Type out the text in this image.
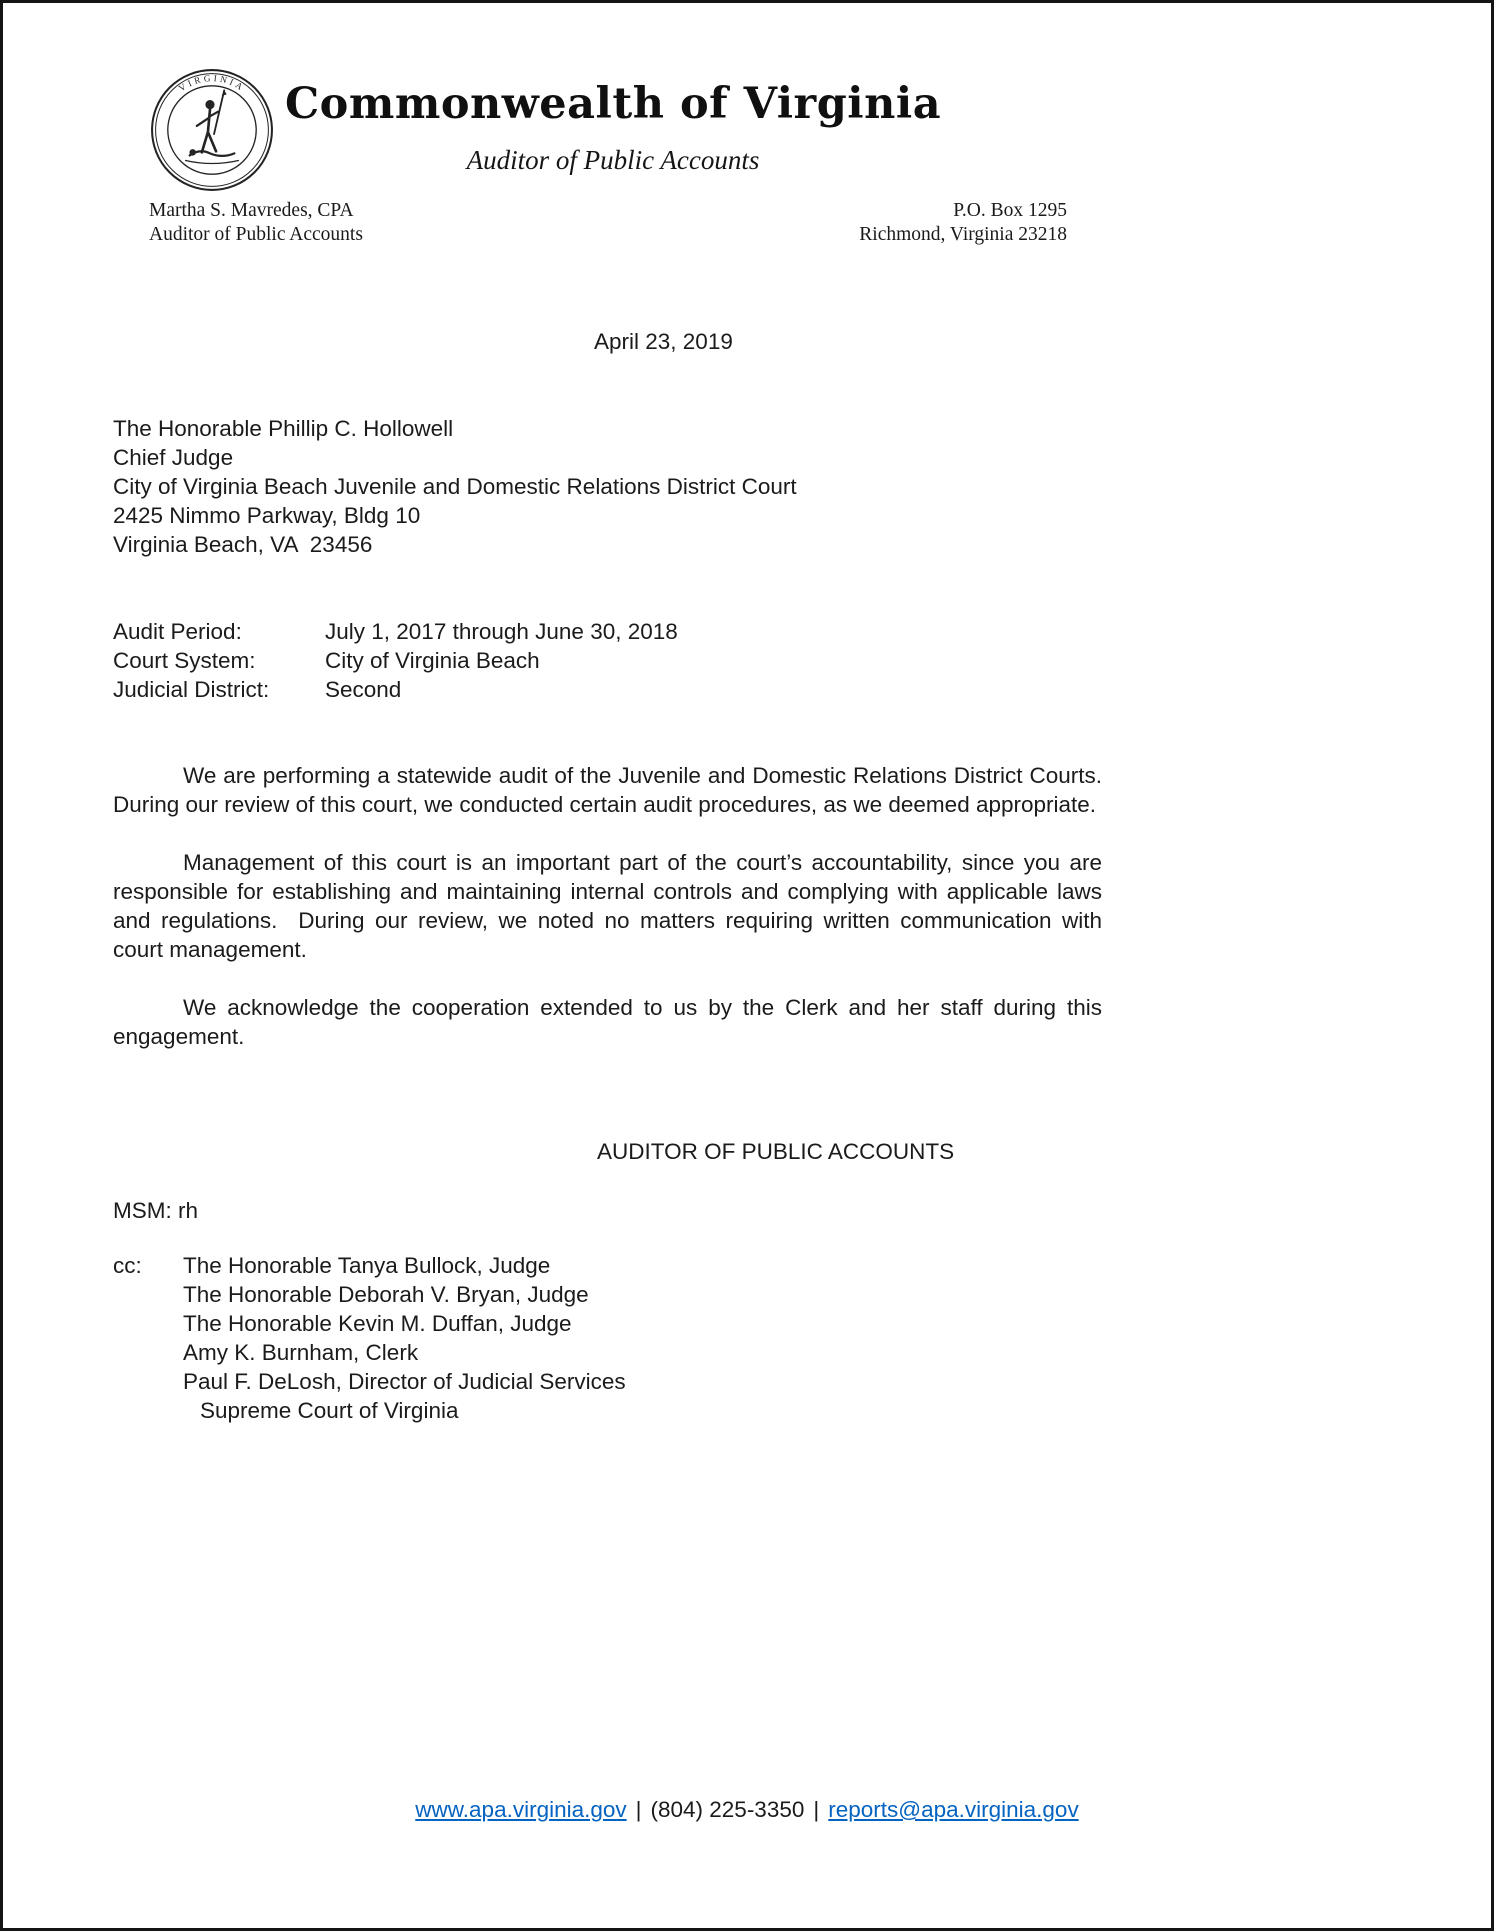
VIRGINIA Commonwealth of Virginia
Auditor of Public Accounts
Martha S. Mavredes, CPA
Auditor of Public Accounts
P.O. Box 1295
Richmond, Virginia 23218
April 23, 2019
The Honorable Phillip C. Hollowell
Chief Judge
City of Virginia Beach Juvenile and Domestic Relations District Court
2425 Nimmo Parkway, Bldg 10
Virginia Beach, VA  23456
Audit Period:	July 1, 2017 through June 30, 2018
Court System:	City of Virginia Beach
Judicial District:	Second

We are performing a statewide audit of the Juvenile and Domestic Relations District Courts. During our review of this court, we conducted certain audit procedures, as we deemed appropriate.

Management of this court is an important part of the court’s accountability, since you are responsible for establishing and maintaining internal controls and complying with applicable laws and regulations.  During our review, we noted no matters requiring written communication with court management.

We acknowledge the cooperation extended to us by the Clerk and her staff during this engagement.

AUDITOR OF PUBLIC ACCOUNTS
MSM: rh
cc:	The Honorable Tanya Bullock, Judge
The Honorable Deborah V. Bryan, Judge
The Honorable Kevin M. Duffan, Judge
Amy K. Burnham, Clerk
Paul F. DeLosh, Director of Judicial Services
Supreme Court of Virginia
www.apa.virginia.gov | (804) 225-3350 | reports@apa.virginia.gov
